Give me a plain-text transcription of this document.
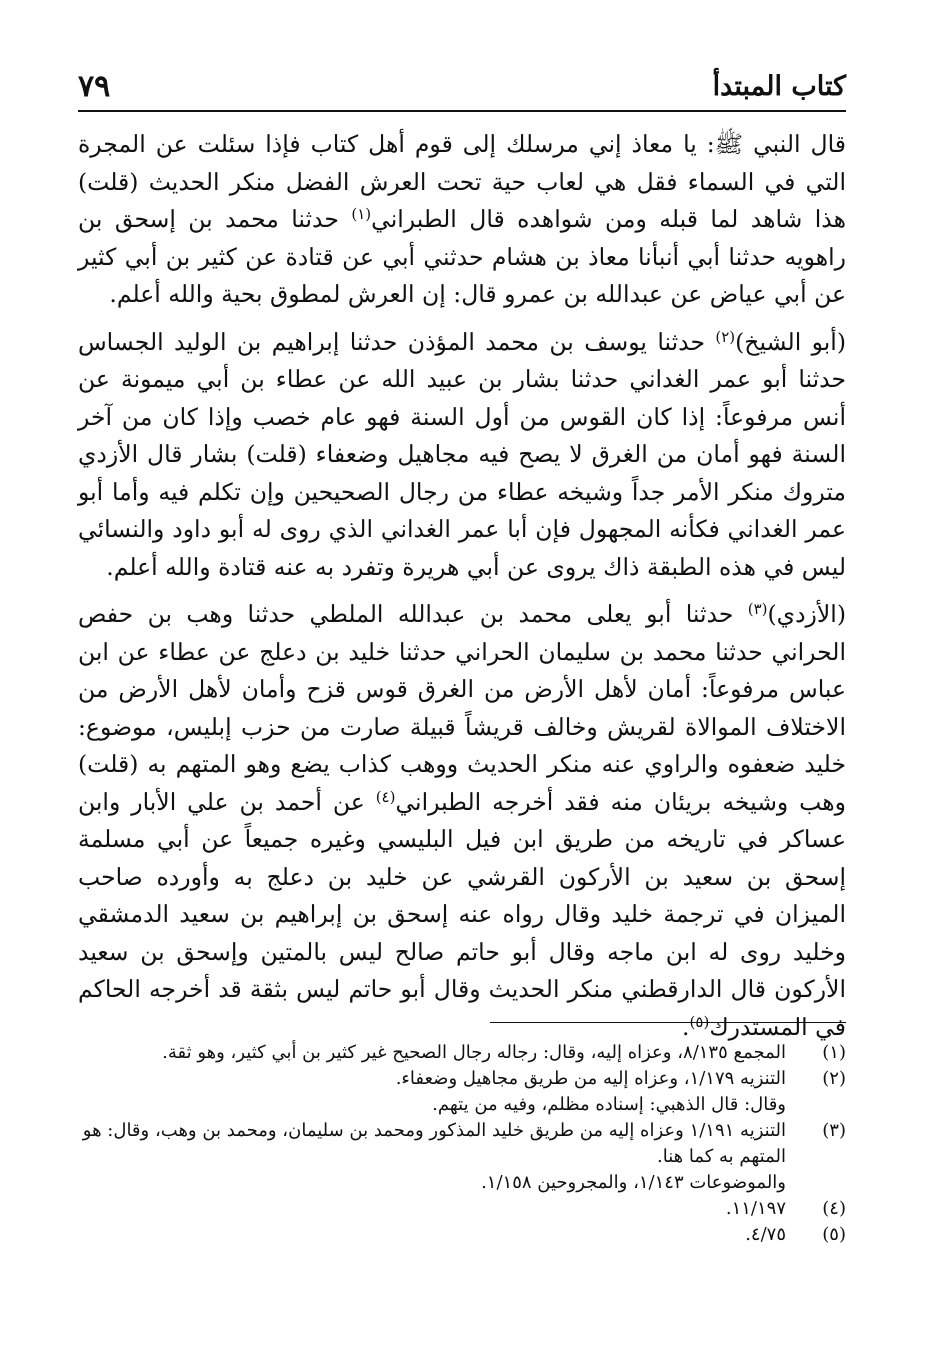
كتاب المبتدأ
٧٩

قال النبي ﷺ: يا معاذ إني مرسلك إلى قوم أهل كتاب فإذا سئلت عن المجرة التي في السماء فقل هي لعاب حية تحت العرش الفضل منكر الحديث (قلت) هذا شاهد لما قبله ومن شواهده قال الطبراني$^{(١)}$ حدثنا محمد بن إسحق بن راهويه حدثنا أبي أنبأنا معاذ بن هشام حدثني أبي عن قتادة عن كثير بن أبي كثير عن أبي عياض عن عبدالله بن عمرو قال: إن العرش لمطوق بحية والله أعلم.

(أبو الشيخ)$^{(٢)}$ حدثنا يوسف بن محمد المؤذن حدثنا إبراهيم بن الوليد الجساس حدثنا أبو عمر الغداني حدثنا بشار بن عبيد الله عن عطاء بن أبي ميمونة عن أنس مرفوعاً: إذا كان القوس من أول السنة فهو عام خصب وإذا كان من آخر السنة فهو أمان من الغرق لا يصح فيه مجاهيل وضعفاء (قلت) بشار قال الأزدي متروك منكر الأمر جداً وشيخه عطاء من رجال الصحيحين وإن تكلم فيه وأما أبو عمر الغداني فكأنه المجهول فإن أبا عمر الغداني الذي روى له أبو داود والنسائي ليس في هذه الطبقة ذاك يروى عن أبي هريرة وتفرد به عنه قتادة والله أعلم.

(الأزدي)$^{(٣)}$ حدثنا أبو يعلى محمد بن عبدالله الملطي حدثنا وهب بن حفص الحراني حدثنا محمد بن سليمان الحراني حدثنا خليد بن دعلج عن عطاء عن ابن عباس مرفوعاً: أمان لأهل الأرض من الغرق قوس قزح وأمان لأهل الأرض من الاختلاف الموالاة لقريش وخالف قريشاً قبيلة صارت من حزب إبليس، موضوع: خليد ضعفوه والراوي عنه منكر الحديث ووهب كذاب يضع وهو المتهم به (قلت) وهب وشيخه بريئان منه فقد أخرجه الطبراني$^{(٤)}$ عن أحمد بن علي الأبار وابن عساكر في تاريخه من طريق ابن فيل البليسي وغيره جميعاً عن أبي مسلمة إسحق بن سعيد بن الأركون القرشي عن خليد بن دعلج به وأورده صاحب الميزان في ترجمة خليد وقال رواه عنه إسحق بن إبراهيم بن سعيد الدمشقي وخليد روى له ابن ماجه وقال أبو حاتم صالح ليس بالمتين وإسحق بن سعيد الأركون قال الدارقطني منكر الحديث وقال أبو حاتم ليس بثقة قد أخرجه الحاكم في المستدرك$^{(٥)}$.

(١)
المجمع ٨/١٣٥، وعزاه إليه، وقال: رجاله رجال الصحيح غير كثير بن أبي كثير، وهو ثقة.
(٢)
التنزيه ١/١٧٩، وعزاه إليه من طريق مجاهيل وضعفاء.
وقال: قال الذهبي: إسناده مظلم، وفيه من يتهم.
(٣)
التنزيه ١/١٩١ وعزاه إليه من طريق خليد المذكور ومحمد بن سليمان، ومحمد بن وهب، وقال: هو المتهم به كما هنا.
والموضوعات ١/١٤٣، والمجروحين ١/١٥٨.
(٤)
١١/١٩٧.
(٥)
٤/٧٥.
